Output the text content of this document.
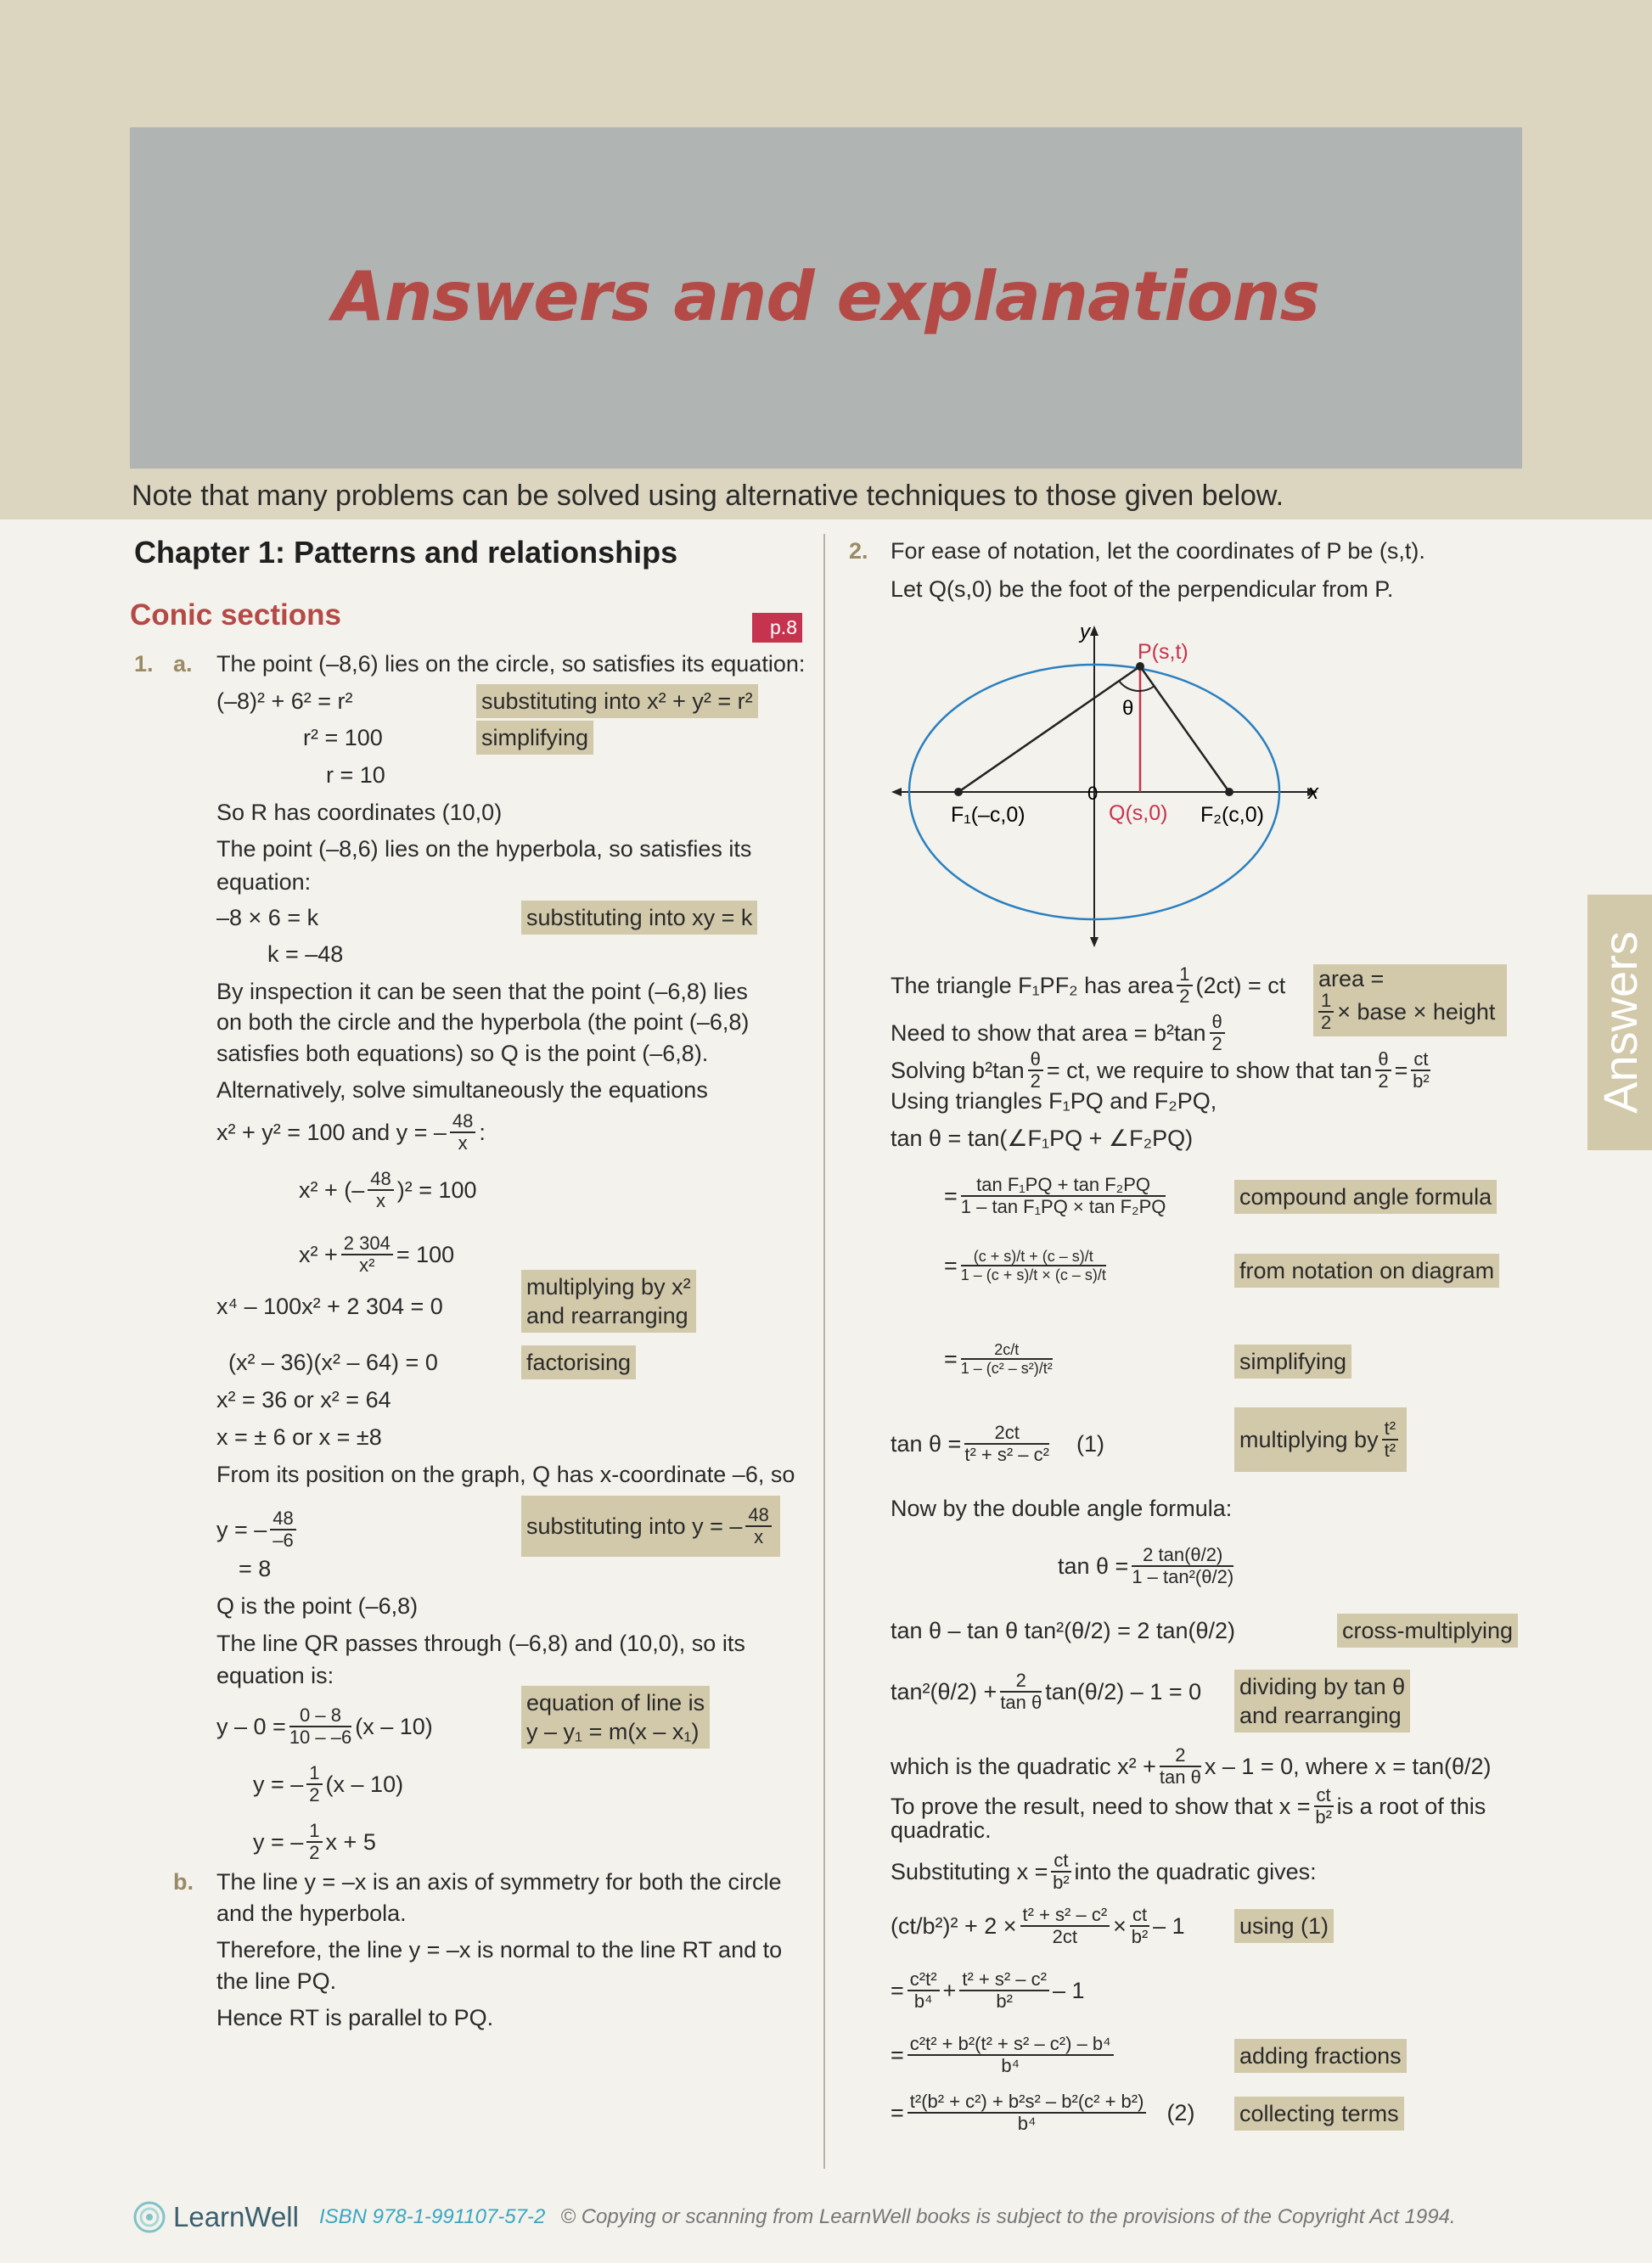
Answers and explanations
Note that many problems can be solved using alternative techniques to those given below.
Chapter 1: Patterns and relationships
Conic sections	p.8
Answers
1. a. The point (–8,6) lies on the circle, so satisfies its equation:
(–8)² + 6² = r²	substituting into x² + y² = r²
r² = 100	simplifying
r = 10
So R has coordinates (10,0)
The point (–8,6) lies on the hyperbola, so satisfies its
equation:
–8 × 6 = k	substituting into xy = k
k = –48
By inspection it can be seen that the point (–6,8) lies
on both the circle and the hyperbola (the point (–6,8)
satisfies both equations) so Q is the point (–6,8).
Alternatively, solve simultaneously the equations
x² + y² = 100 and y = – $\frac{48}{x}$ :
x² + (– $\frac{48}{x} )^2 = 100$
$x^2 + \frac{2 304}{\text{x²}} = 100$
x⁴ – 100x² + 2 304 = 0
multiplying by x²
and rearranging
(x² – 36)(x² – 64) = 0	factorising
x² = 36 or x² = 64
x = ± 6 or x = ±8
From its position on the graph, Q has x-coordinate –6, so
y = – $\frac{48}{-6}$	substituting into y = – $\frac{48}{x}$
= 8
Q is the point (–6,8)
The line QR passes through (–6,8) and (10,0), so its
equation is:
$y - 0 = \frac{0 - 8}{10 - -6} (x - 10)$
equation of line is
y – y₁ = m(x – x₁)
y = – $\frac{1}{2} (x - 10)$
y = – $\frac{1}{2}$ x + 5
b. The line y = –x is an axis of symmetry for both the circle
and the hyperbola.
Therefore, the line y = –x is normal to the line RT and to
the line PQ.
Hence RT is parallel to PQ.
2. For ease of notation, let the coordinates of P be (s,t).
Let Q(s,0) be the foot of the perpendicular from P.
y
x
0
P(s,t)
θ
F₁(–c,0)	Q(s,0) F₂(c,0)
The triangle F₁PF₂ has area $\frac{1}{2} (2ct)$ = ct area =
$\frac{1}{2}$ × base × height
Need to show that area = $b^2\tan \frac{\theta}{2}$
Solving $b^2\tan \frac{\theta}{2}$ = ct, we require to show that $\tan \frac{\theta}{2} = \frac{ct}{\text{b²}}$
Using triangles F₁PQ and F₂PQ,
tan θ = tan(∠F₁PQ + ∠F₂PQ)
= $\frac{\text{tan F₁PQ + tan F₂PQ}}{\text{1 – tan F₁PQ × tan F₂PQ}}$	compound angle formula
= $\frac{(c + s)/t + (c - s)/t}{1 - (c + s)/t \times (c - s)/t}$	from notation on diagram
= $\frac{2c/t}{\text{1 – (c² – s²)/t²}}$	simplifying
$\tan \theta = \frac{2ct}{\text{t² + s² – c²}} (1)$	multiplying by $\frac{\text{t²}}{\text{t²}}$
Now by the double angle formula:
$\tan \theta = \frac{2 \tan(\theta/2)}{\text{1 – tan²(θ/2)}}$
tan θ – tan θ tan²(θ/2) = 2 tan(θ/2)	cross-multiplying
$\tan^2(\theta/2) + \frac{2}{\text{tan θ}} \tan(\theta/2) - 1 = 0$ dividing by tan θ
and rearranging
which is the quadratic $x^2 + \frac{2}{\text{tan θ}}$ x – 1 = 0, where x = tan(θ/2)
To prove the result, need to show that $x = \frac{ct}{\text{b²}}$ is a root of this
quadratic.
Substituting $x = \frac{ct}{\text{b²}}$ into the quadratic gives:
$(ct/b^2)^2 + 2 \times \frac{\text{t² + s² – c²}}{2ct} \times \frac{ct}{\text{b²}} - 1$ using (1)
= $\frac{\text{c²t²}}{\text{b⁴}} + \frac{\text{t² + s² – c²}}{\text{b²}} - 1$
= $\frac{\text{c²t² + b²(t² + s² – c²) – b⁴}}{\text{b⁴}}$	adding fractions
= $\frac{\text{t²(b² + c²) + b²s² – b²(c² + b²)}}{\text{b⁴}} (2)$ collecting terms
LearnWell ISBN 978-1-991107-57-2 © Copying or scanning from LearnWell books is subject to the provisions of the Copyright Act 1994.
